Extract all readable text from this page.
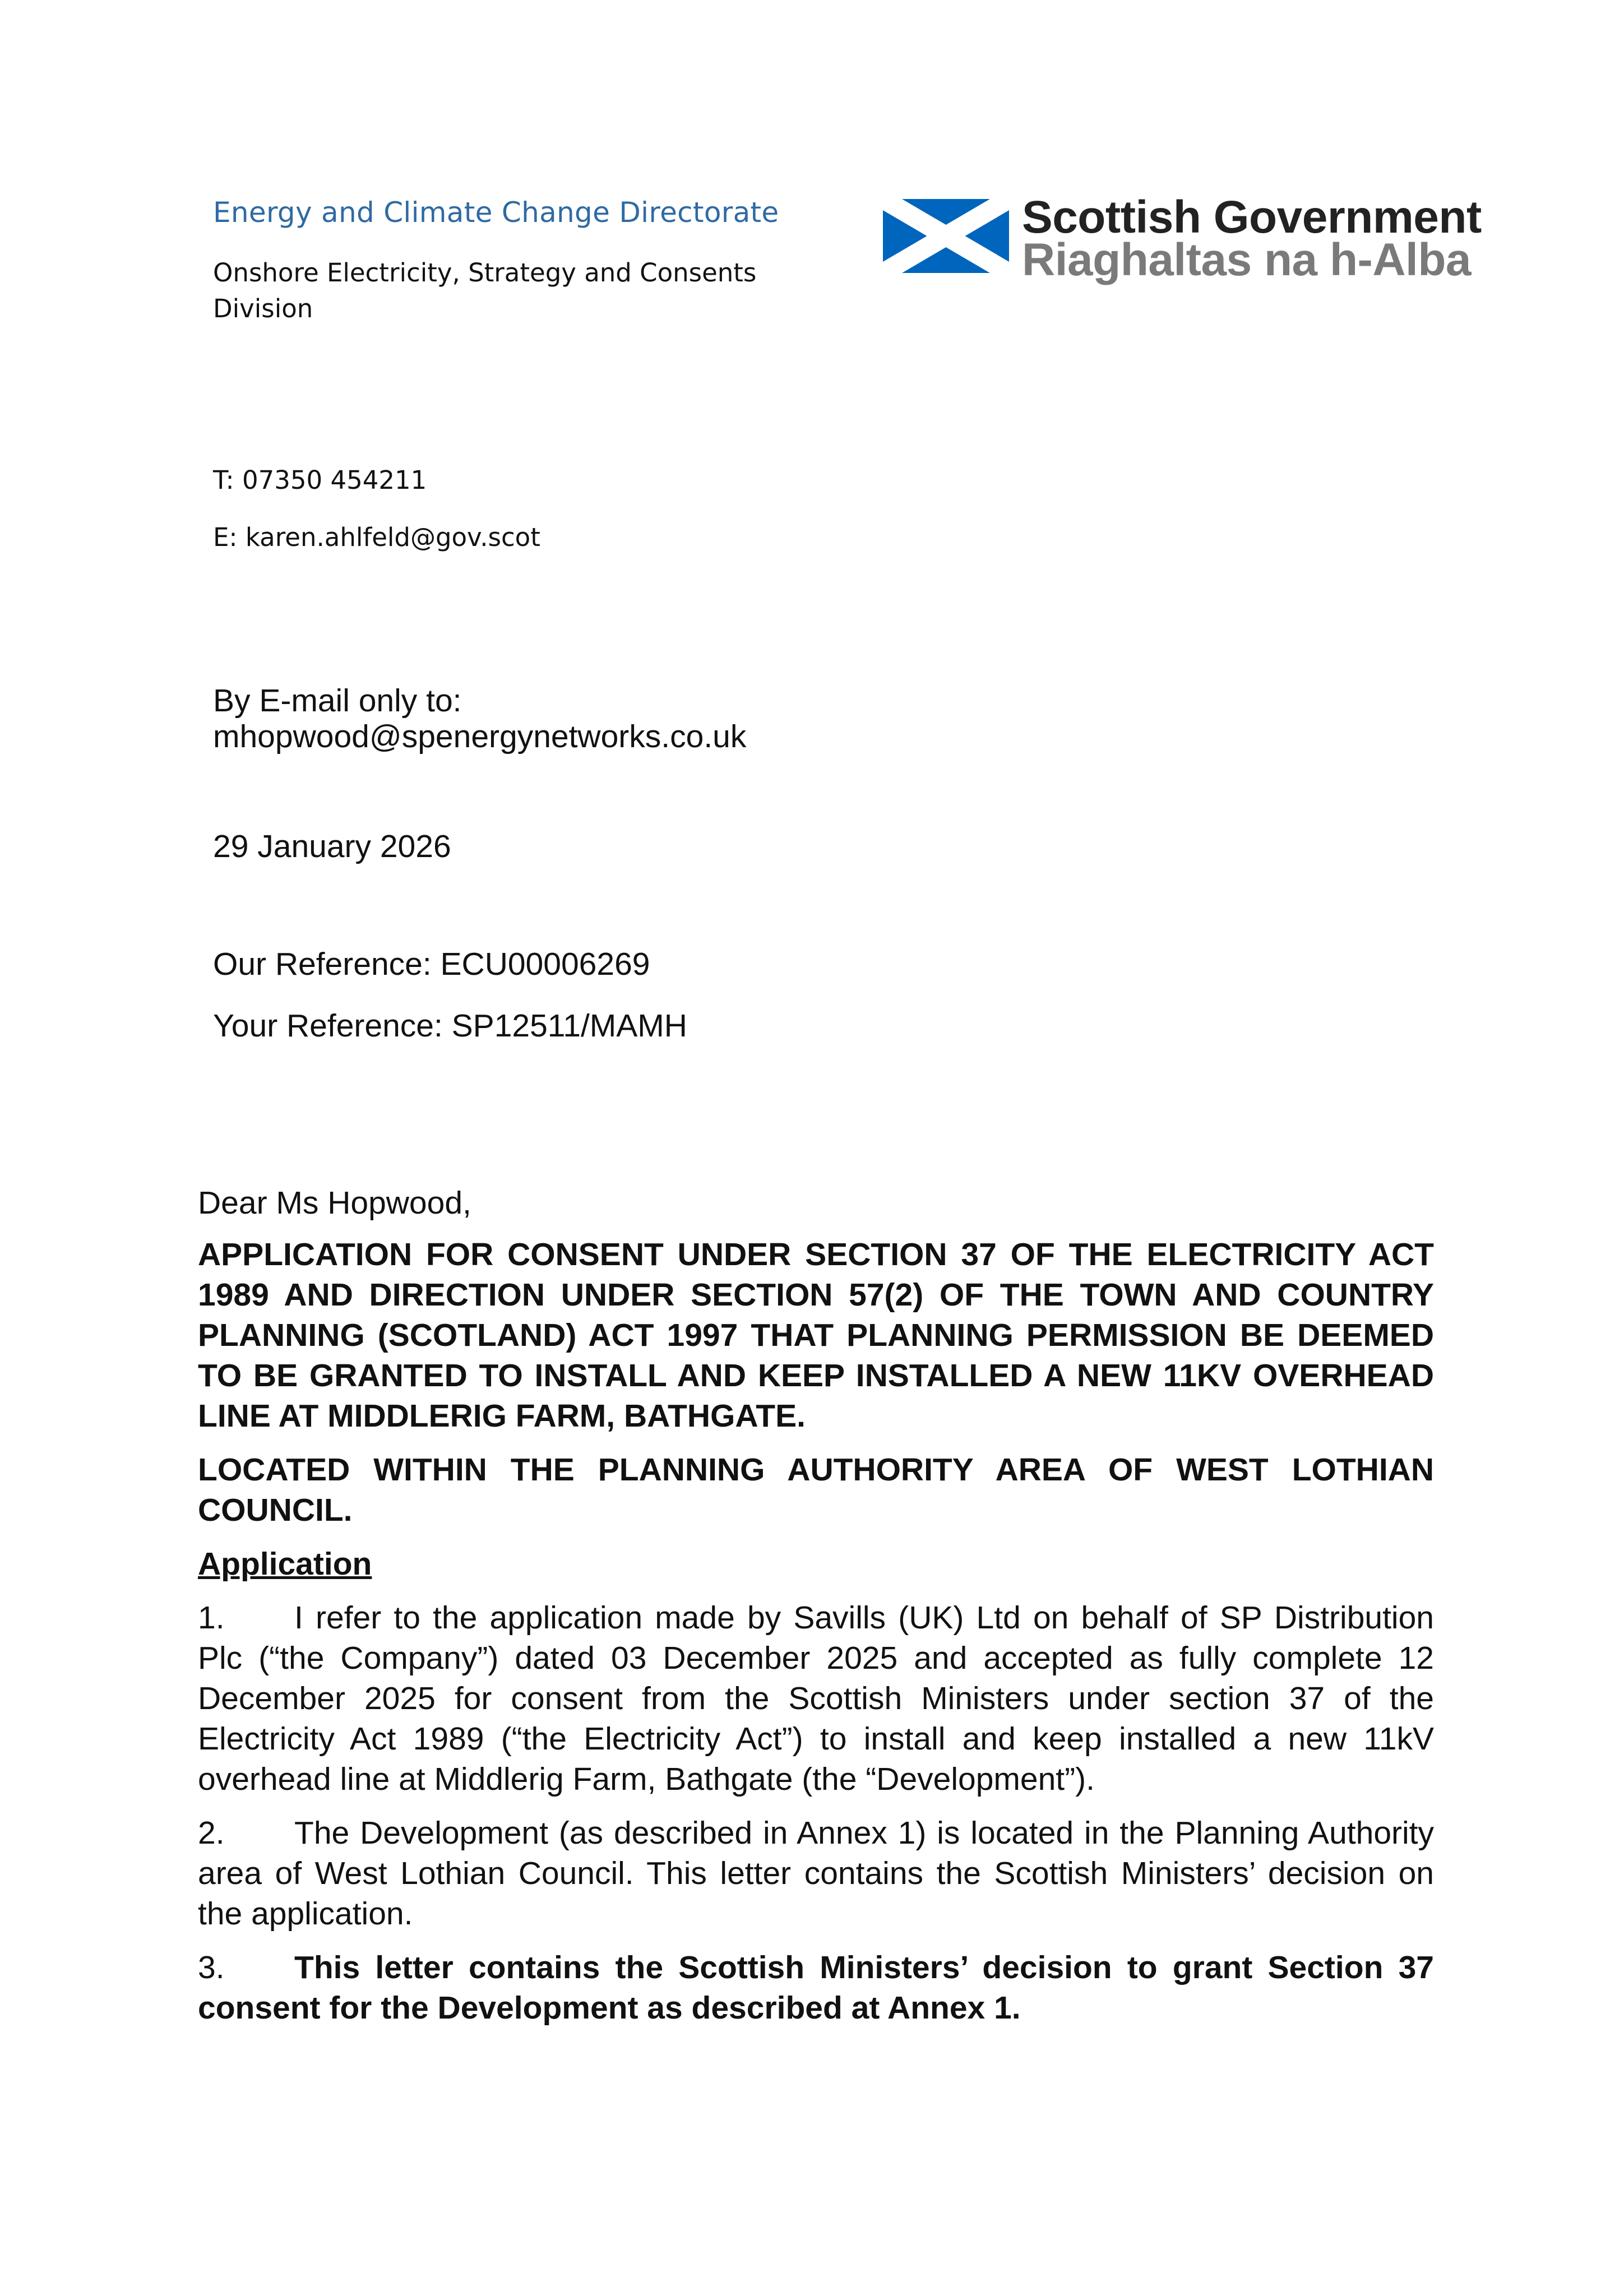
Energy and Climate Change Directorate
Onshore Electricity, Strategy and Consents Division
Scottish Government
Riaghaltas na h-Alba
T: 07350 454211
E: karen.ahlfeld@gov.scot
By E-mail only to:
mhopwood@spenergynetworks.co.uk
29 January 2026
Our Reference: ECU00006269
Your Reference: SP12511/MAMH

Dear Ms Hopwood,

APPLICATION FOR CONSENT UNDER SECTION 37 OF THE ELECTRICITY ACT 1989 AND DIRECTION UNDER SECTION 57(2) OF THE TOWN AND COUNTRY PLANNING (SCOTLAND) ACT 1997 THAT PLANNING PERMISSION BE DEEMED TO BE GRANTED TO INSTALL AND KEEP INSTALLED A NEW 11KV OVERHEAD LINE AT MIDDLERIG FARM, BATHGATE.

LOCATED WITHIN THE PLANNING AUTHORITY AREA OF WEST LOTHIAN COUNCIL.

Application

1. I refer to the application made by Savills (UK) Ltd on behalf of SP Distribution Plc (“the Company”) dated 03 December 2025 and accepted as fully complete 12 December 2025 for consent from the Scottish Ministers under section 37 of the Electricity Act 1989 (“the Electricity Act”) to install and keep installed a new 11kV overhead line at Middlerig Farm, Bathgate (the “Development”).

2. The Development (as described in Annex 1) is located in the Planning Authority area of West Lothian Council. This letter contains the Scottish Ministers’ decision on the application.

3. This letter contains the Scottish Ministers’ decision to grant Section 37 consent for the Development as described at Annex 1.
